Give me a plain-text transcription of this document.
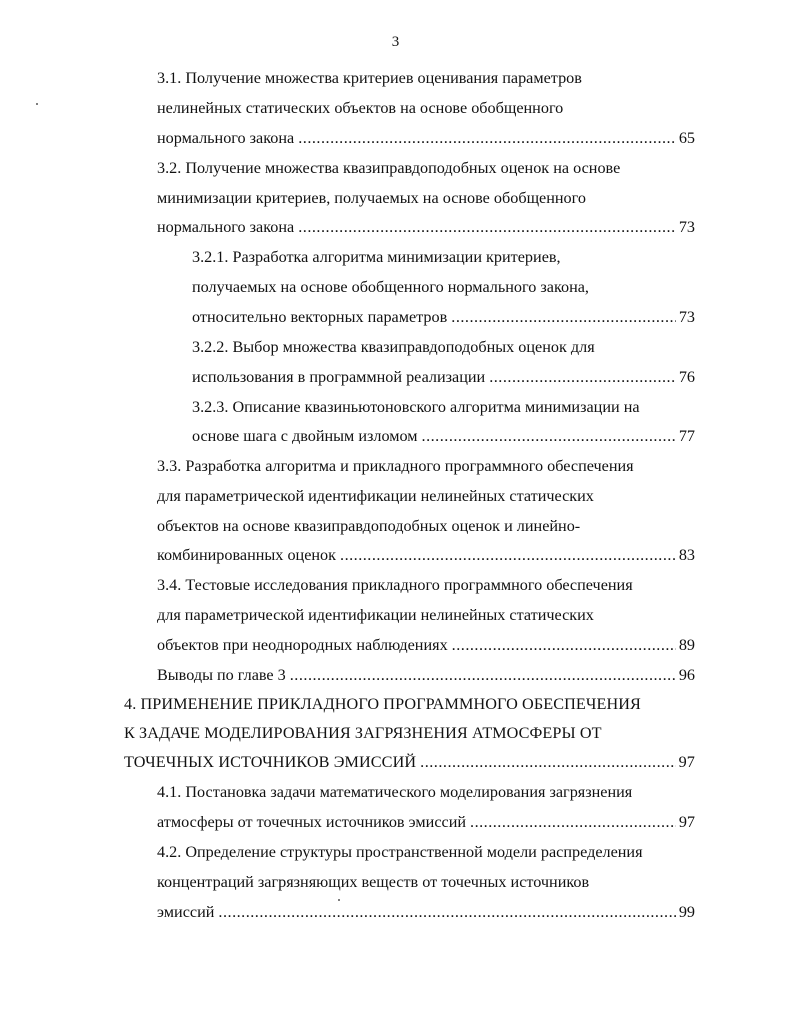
3
3.1. Получение множества критериев оценивания параметров
нелинейных статических объектов на основе обобщенного
нормального закона .....	65
3.2. Получение множества квазиправдоподобных оценок на основе
минимизации критериев, получаемых на основе обобщенного
нормального закона .....	73
3.2.1. Разработка алгоритма минимизации критериев,
получаемых на основе обобщенного нормального закона,
относительно векторных параметров .....	73
3.2.2. Выбор множества квазиправдоподобных оценок для
использования в программной реализации .....	76
3.2.3. Описание квазиньютоновского алгоритма минимизации на
основе шага с двойным изломом .....	77
3.3. Разработка алгоритма и прикладного программного обеспечения
для параметрической идентификации нелинейных статических
объектов на основе квазиправдоподобных оценок и линейно-
комбинированных оценок .....	83
3.4. Тестовые исследования прикладного программного обеспечения
для параметрической идентификации нелинейных статических
объектов при неоднородных наблюдениях .....	89
Выводы по главе 3 .....	96
4. ПРИМЕНЕНИЕ ПРИКЛАДНОГО ПРОГРАММНОГО ОБЕСПЕЧЕНИЯ
К ЗАДАЧЕ МОДЕЛИРОВАНИЯ ЗАГРЯЗНЕНИЯ АТМОСФЕРЫ ОТ
ТОЧЕЧНЫХ ИСТОЧНИКОВ ЭМИССИЙ .....	97
4.1. Постановка задачи математического моделирования загрязнения
атмосферы от точечных источников эмиссий .....	97
4.2. Определение структуры пространственной модели распределения
концентраций загрязняющих веществ от точечных источников
эмиссий .....	99
